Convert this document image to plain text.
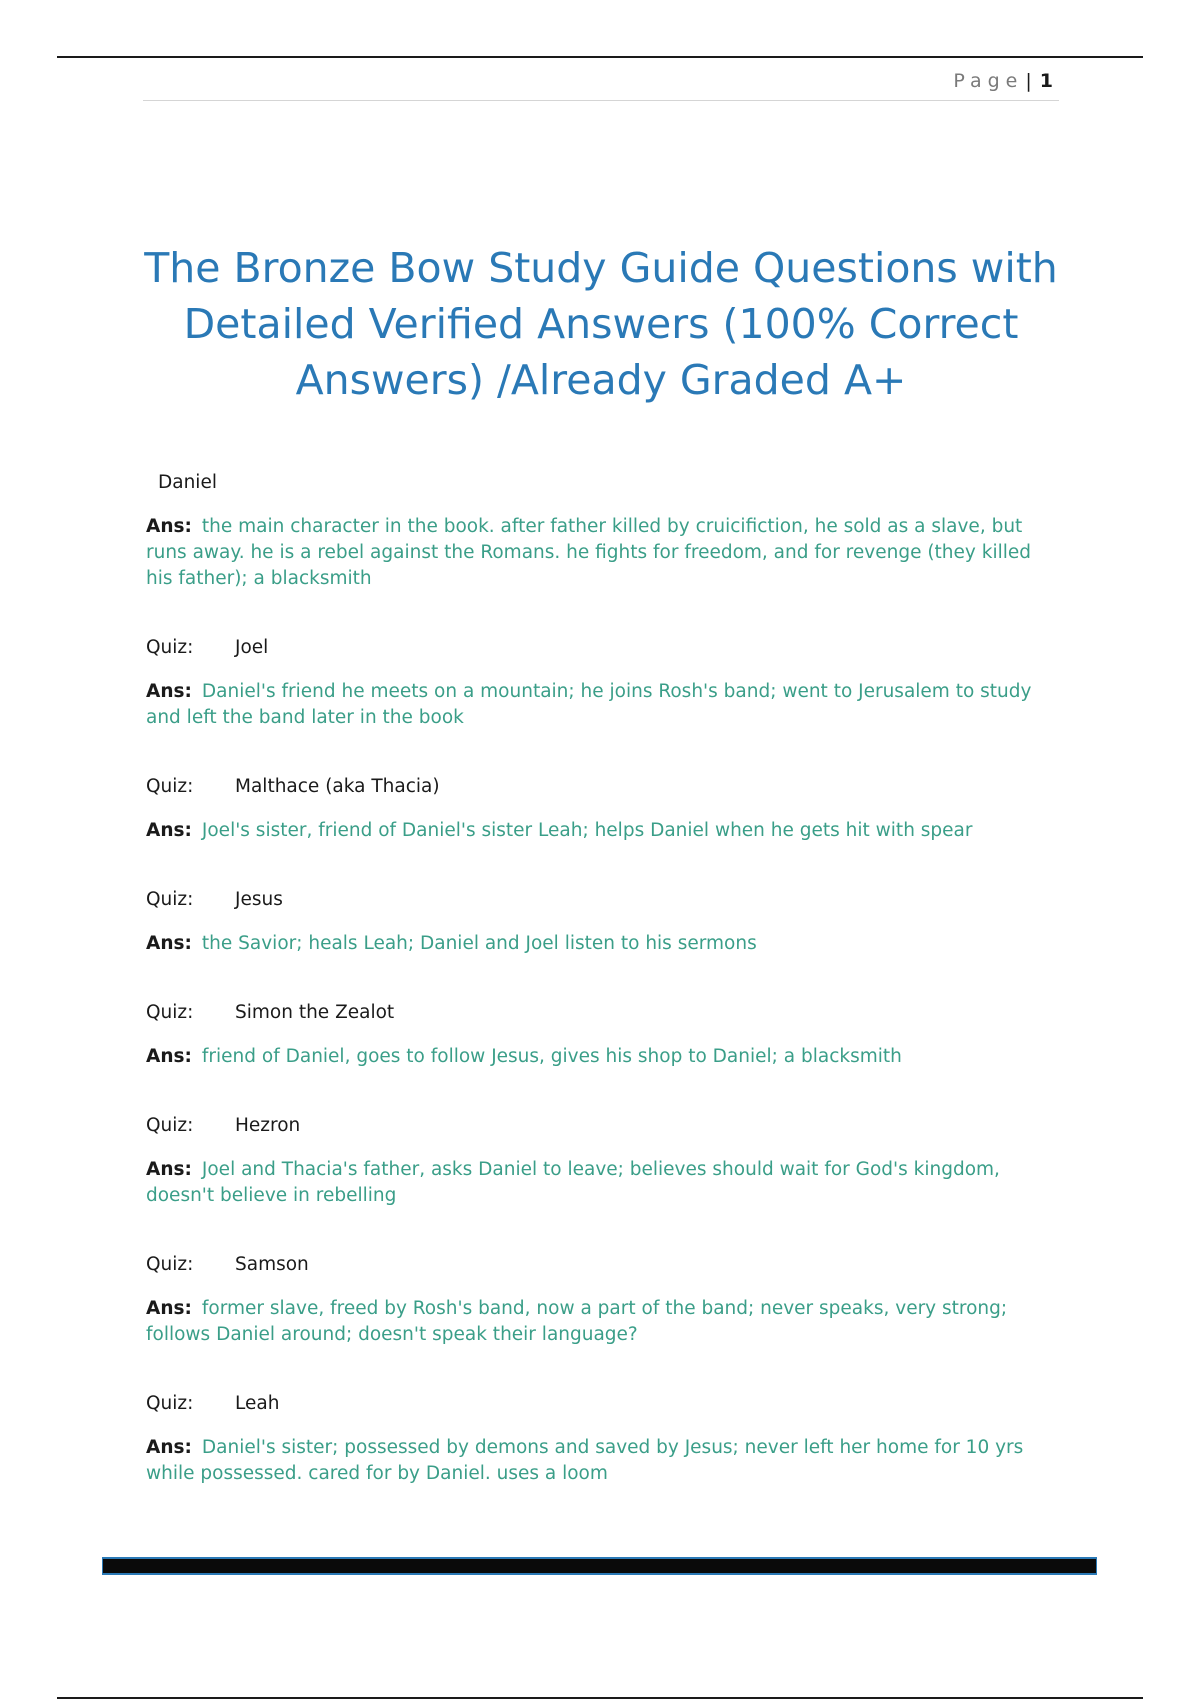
Page | 1
The Bronze Bow Study Guide Questions with Detailed Verified Answers (100% Correct Answers) /Already Graded A+
Daniel
Ans: the main character in the book. after father killed by cruicifiction, he sold as a slave, but runs away. he is a rebel against the Romans. he fights for freedom, and for revenge (they killed his father); a blacksmith
Quiz:	Joel
Ans: Daniel's friend he meets on a mountain; he joins Rosh's band; went to Jerusalem to study and left the band later in the book
Quiz:	Malthace (aka Thacia)
Ans: Joel's sister, friend of Daniel's sister Leah; helps Daniel when he gets hit with spear
Quiz:	Jesus
Ans: the Savior; heals Leah; Daniel and Joel listen to his sermons
Quiz:	Simon the Zealot
Ans: friend of Daniel, goes to follow Jesus, gives his shop to Daniel; a blacksmith
Quiz:	Hezron
Ans: Joel and Thacia's father, asks Daniel to leave; believes should wait for God's kingdom, doesn't believe in rebelling
Quiz:	Samson
Ans: former slave, freed by Rosh's band, now a part of the band; never speaks, very strong; follows Daniel around; doesn't speak their language?
Quiz:	Leah
Ans: Daniel's sister; possessed by demons and saved by Jesus; never left her home for 10 yrs while possessed. cared for by Daniel. uses a loom
